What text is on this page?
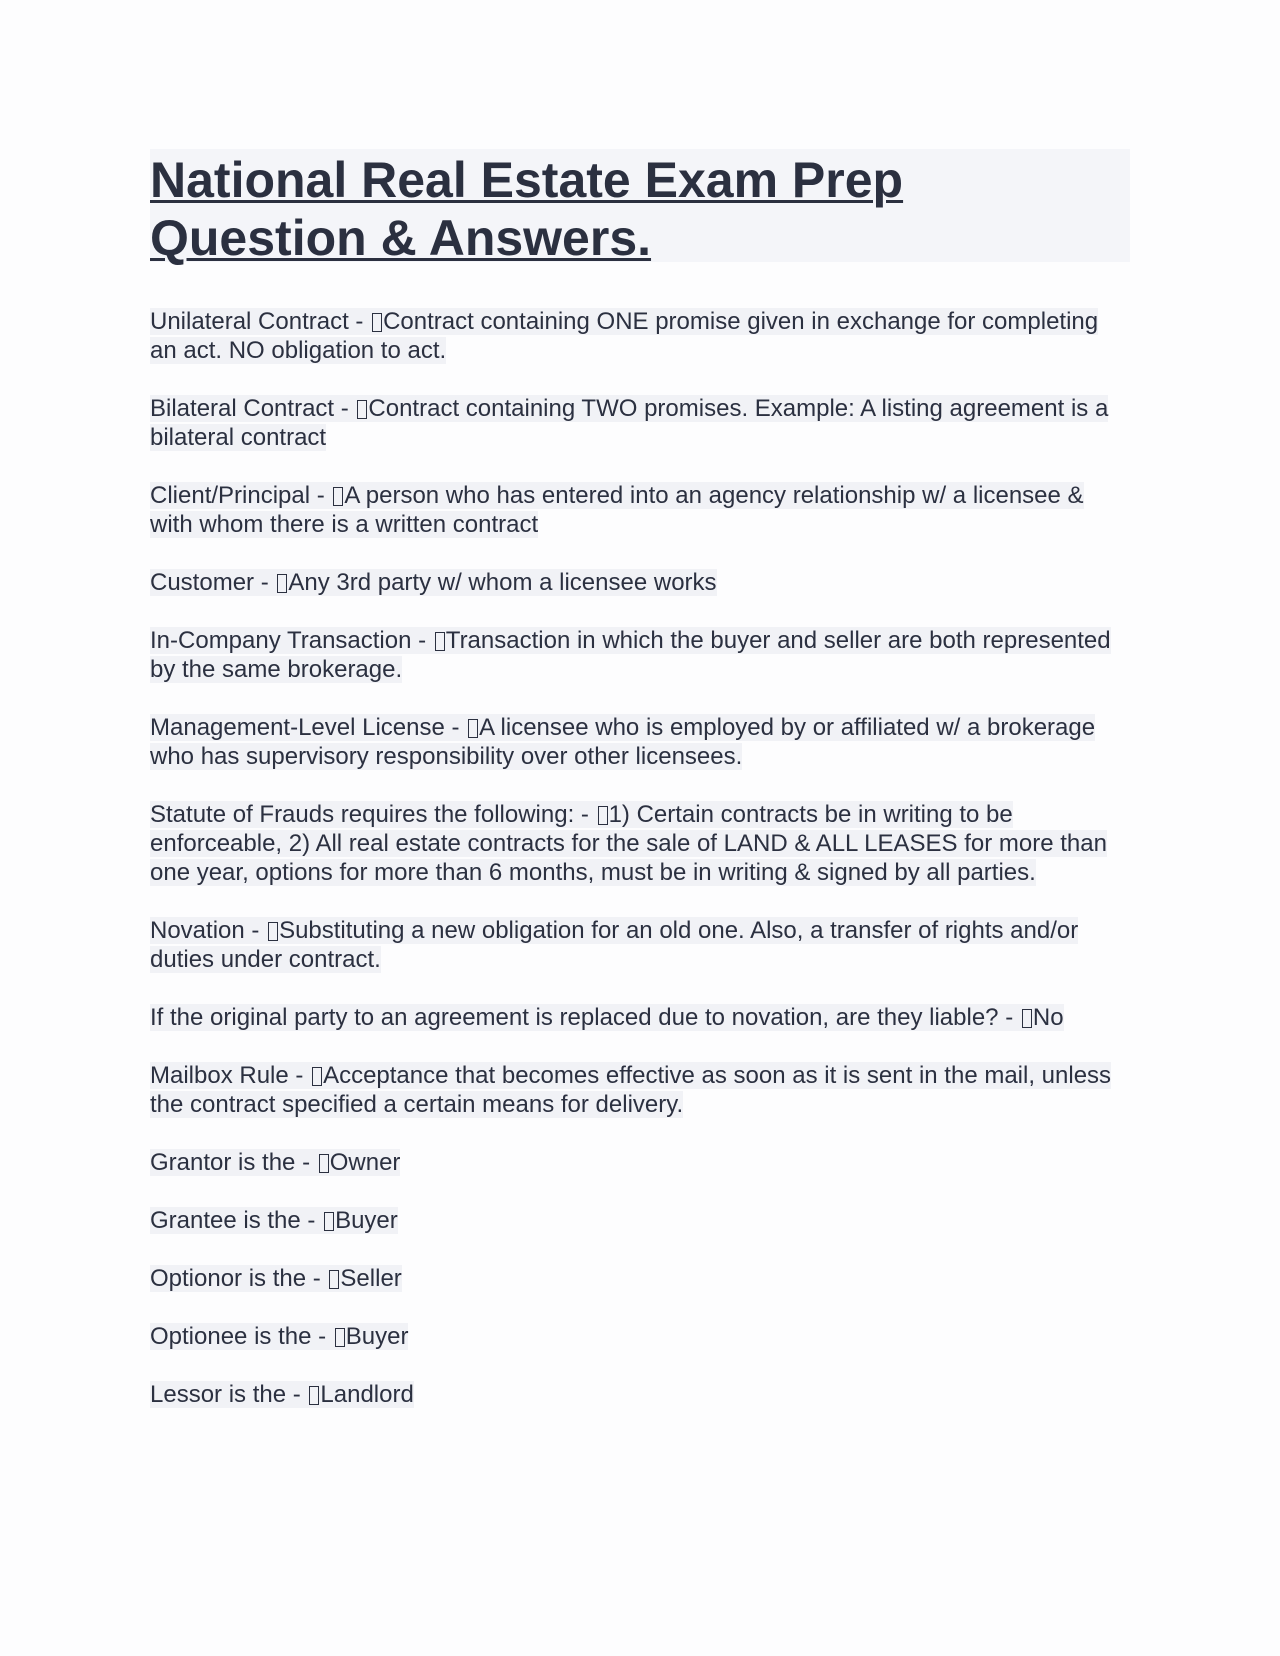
National Real Estate Exam Prep
Question & Answers.

Unilateral Contract - Contract containing ONE promise given in exchange for completing an act. NO obligation to act.

Bilateral Contract - Contract containing TWO promises. Example: A listing agreement is a bilateral contract

Client/Principal - A person who has entered into an agency relationship w/ a licensee & with whom there is a written contract

Customer - Any 3rd party w/ whom a licensee works

In-Company Transaction - Transaction in which the buyer and seller are both represented by the same brokerage.

Management-Level License - A licensee who is employed by or affiliated w/ a brokerage who has supervisory responsibility over other licensees.

Statute of Frauds requires the following: - 1) Certain contracts be in writing to be enforceable, 2) All real estate contracts for the sale of LAND & ALL LEASES for more than one year, options for more than 6 months, must be in writing & signed by all parties.

Novation - Substituting a new obligation for an old one. Also, a transfer of rights and/or duties under contract.

If the original party to an agreement is replaced due to novation, are they liable? - No

Mailbox Rule - Acceptance that becomes effective as soon as it is sent in the mail, unless the contract specified a certain means for delivery.

Grantor is the - Owner

Grantee is the - Buyer

Optionor is the - Seller

Optionee is the - Buyer

Lessor is the - Landlord
